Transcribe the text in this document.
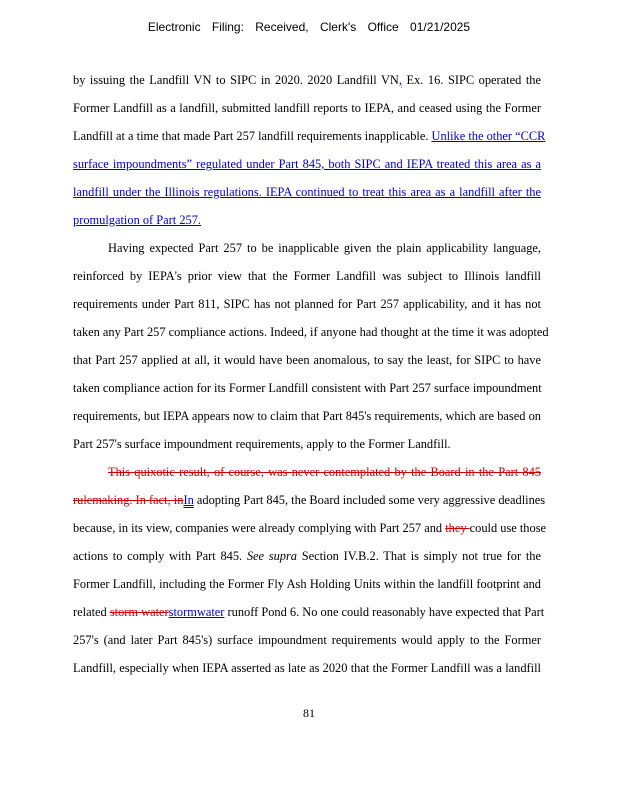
Electronic Filing: Received, Clerk's Office 01/21/2025
by issuing the Landfill VN to SIPC in 2020. 2020 Landfill VN, Ex. 16. SIPC operated the
Former Landfill as a landfill, submitted landfill reports to IEPA, and ceased using the Former
Landfill at a time that made Part 257 landfill requirements inapplicable. Unlike the other “CCR
surface impoundments” regulated under Part 845, both SIPC and IEPA treated this area as a
landfill under the Illinois regulations. IEPA continued to treat this area as a landfill after the
promulgation of Part 257.
Having expected Part 257 to be inapplicable given the plain applicability language,
reinforced by IEPA's prior view that the Former Landfill was subject to Illinois landfill
requirements under Part 811, SIPC has not planned for Part 257 applicability, and it has not
taken any Part 257 compliance actions. Indeed, if anyone had thought at the time it was adopted
that Part 257 applied at all, it would have been anomalous, to say the least, for SIPC to have
taken compliance action for its Former Landfill consistent with Part 257 surface impoundment
requirements, but IEPA appears now to claim that Part 845's requirements, which are based on
Part 257's surface impoundment requirements, apply to the Former Landfill.
This quixotic result, of course, was never contemplated by the Board in the Part 845
rulemaking. In fact, inIn adopting Part 845, the Board included some very aggressive deadlines
because, in its view, companies were already complying with Part 257 and they could use those
actions to comply with Part 845. See supra Section IV.B.2. That is simply not true for the
Former Landfill, including the Former Fly Ash Holding Units within the landfill footprint and
related storm waterstormwater runoff Pond 6. No one could reasonably have expected that Part
257's (and later Part 845's) surface impoundment requirements would apply to the Former
Landfill, especially when IEPA asserted as late as 2020 that the Former Landfill was a landfill
81
